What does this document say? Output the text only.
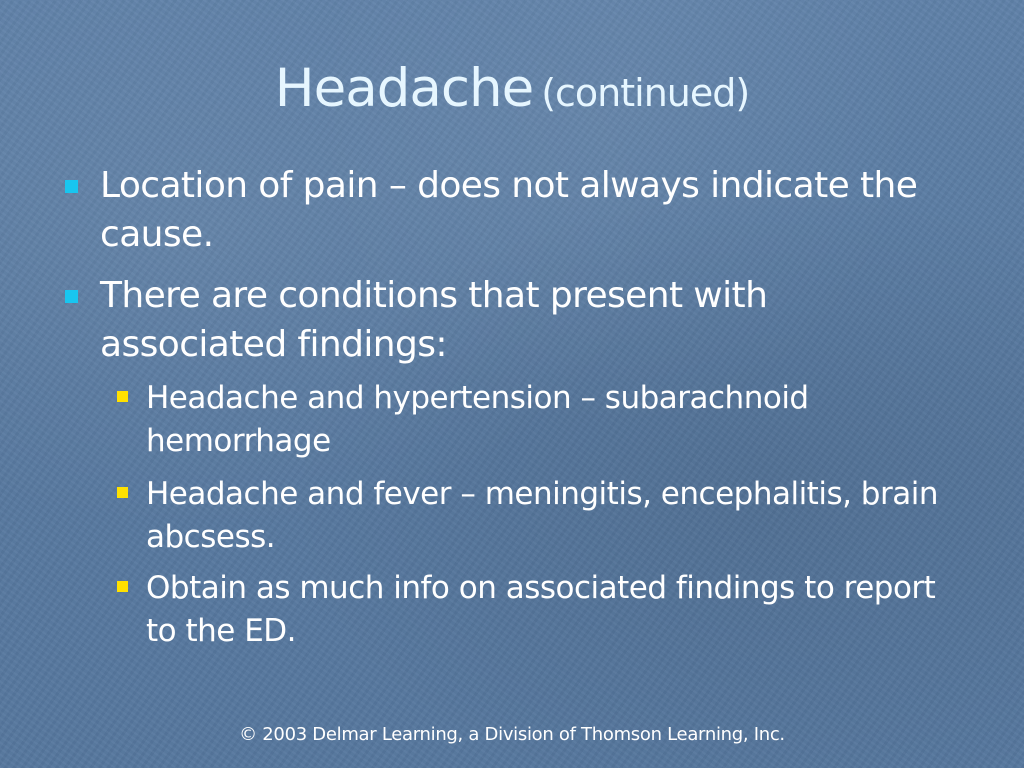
Headache (continued)
Location of pain – does not always indicate the cause.
There are conditions that present with associated findings:
Headache and hypertension – subarachnoid hemorrhage
Headache and fever – meningitis, encephalitis, brain abcsess.
Obtain as much info on associated findings to report to the ED.
© 2003 Delmar Learning, a Division of Thomson Learning, Inc.
